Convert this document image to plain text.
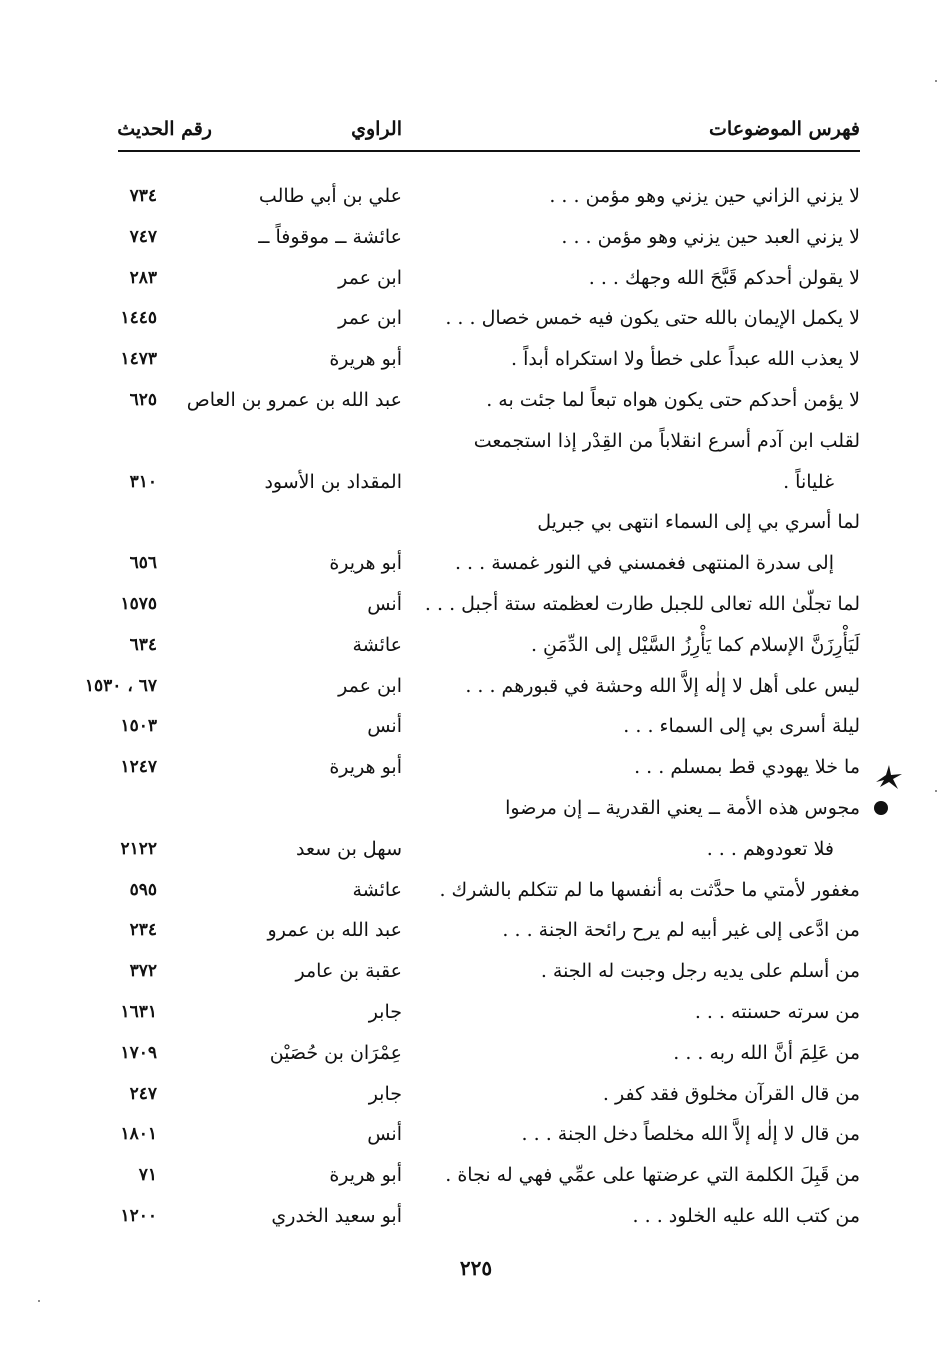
فهرس الموضوعات
الراوي
رقم الحديث
لا يزني الزاني حين يزني وهو مؤمن . . .
علي بن أبي طالب
٧٣٤
لا يزني العبد حين يزني وهو مؤمن . . .
عائشة ــ موقوفاً ــ
٧٤٧
لا يقولن أحدكم قَبَّحَ الله وجهك . . .
ابن عمر
٢٨٣
لا يكمل الإيمان بالله حتى يكون فيه خمس خصال . . .
ابن عمر
١٤٤٥
لا يعذب الله عبداً على خطأ ولا استكراه أبداً .
أبو هريرة
١٤٧٣
لا يؤمن أحدكم حتى يكون هواه تبعاً لما جئت به .
عبد الله بن عمرو بن العاص
٦٢٥
لقلب ابن آدم أسرع انقلاباً من القِدْر إذا استجمعت
غلياناً .
المقداد بن الأسود
٣١٠
لما أسري بي إلى السماء انتهى بي جبريل
إلى سدرة المنتهى فغمسني في النور غمسة . . .
أبو هريرة
٦٥٦
لما تجلّىٰ الله تعالى للجبل طارت لعظمته ستة أجبل . . .
أنس
١٥٧٥
لَيَأْرِزَنَّ الإسلام كما يَأْرِزُ السَّيْل إلى الدِّمَنِ .
عائشة
٦٣٤
ليس على أهل لا إلٰه إلاَّ الله وحشة في قبورهم . . .
ابن عمر
٦٧ ، ١٥٣٠
ليلة أسرى بي إلى السماء . . .
أنس
١٥٠٣
ما خلا يهودي قط بمسلم . . .
أبو هريرة
١٢٤٧
مجوس هذه الأمة ــ يعني القدرية ــ إن مرضوا
فلا تعودوهم . . .
سهل بن سعد
٢١٢٢
مغفور لأمتي ما حدَّثت به أنفسها ما لم تتكلم بالشرك .
عائشة
٥٩٥
من ادَّعى إلى غير أبيه لم يرح رائحة الجنة . . .
عبد الله بن عمرو
٢٣٤
من أسلم على يديه رجل وجبت له الجنة .
عقبة بن عامر
٣٧٢
من سرته حسنته . . .
جابر
١٦٣١
من عَلِمَ أنَّ الله ربه . . .
عِمْرَان بن حُصَيْن
١٧٠٩
من قال القرآن مخلوق فقد كفر .
جابر
٢٤٧
من قال لا إلٰه إلاَّ الله مخلصاً دخل الجنة . . .
أنس
١٨٠١
من قَبِلَ الكلمة التي عرضتها على عمِّي فهي له نجاة .
أبو هريرة
٧١
من كتب الله عليه الخلود . . .
أبو سعيد الخدري
١٢٠٠
٢٢٥
